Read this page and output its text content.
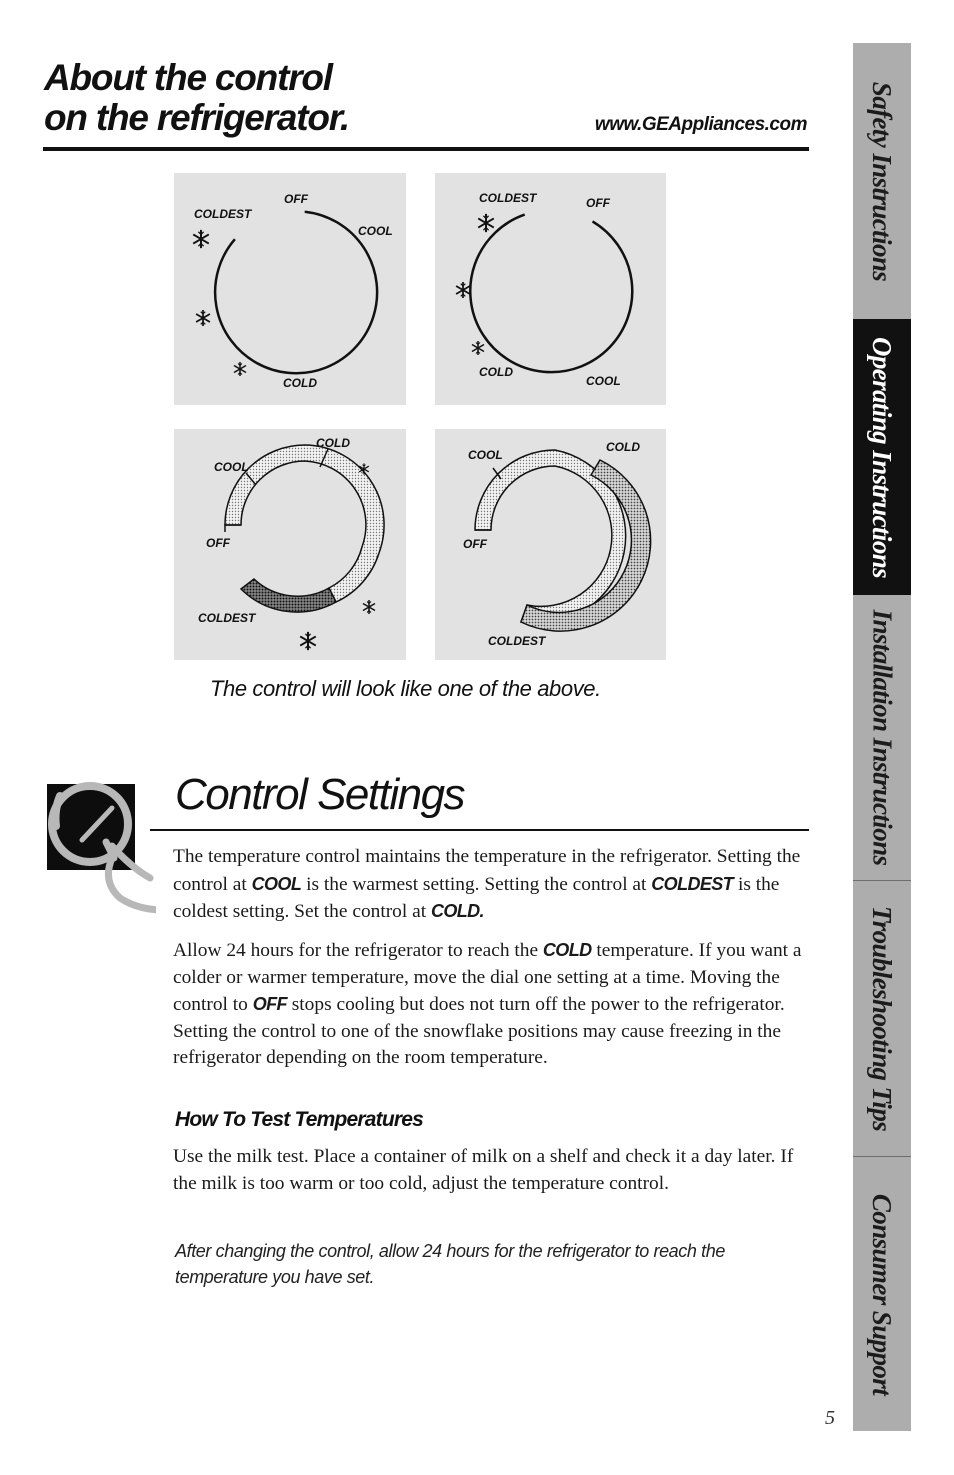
About the control
on the refrigerator.	www.GEAppliances.com
COLDEST
OFF
COOL
COLD
COLDEST	OFF
COLD
COOL
COOL
COLD
OFF
COLDEST
COOL
COLD
OFF
COLDEST
The control will look like one of the above.
Control Settings
The temperature control maintains the temperature in the refrigerator. Setting the control at COOL is the warmest setting. Setting the control at COLDEST is the coldest setting. Set the control at COLD.
Allow 24 hours for the refrigerator to reach the COLD temperature. If you want a colder or warmer temperature, move the dial one setting at a time. Moving the control to OFF stops cooling but does not turn off the power to the refrigerator. Setting the control to one of the snowflake positions may cause freezing in the refrigerator depending on the room temperature.
How To Test Temperatures
Use the milk test. Place a container of milk on a shelf and check it a day later. If the milk is too warm or too cold, adjust the temperature control.
After changing the control, allow 24 hours for the refrigerator to reach the temperature you have set.
Safety Instructions
Operating Instructions
Installation Instructions
Troubleshooting Tips
Consumer Support
5
